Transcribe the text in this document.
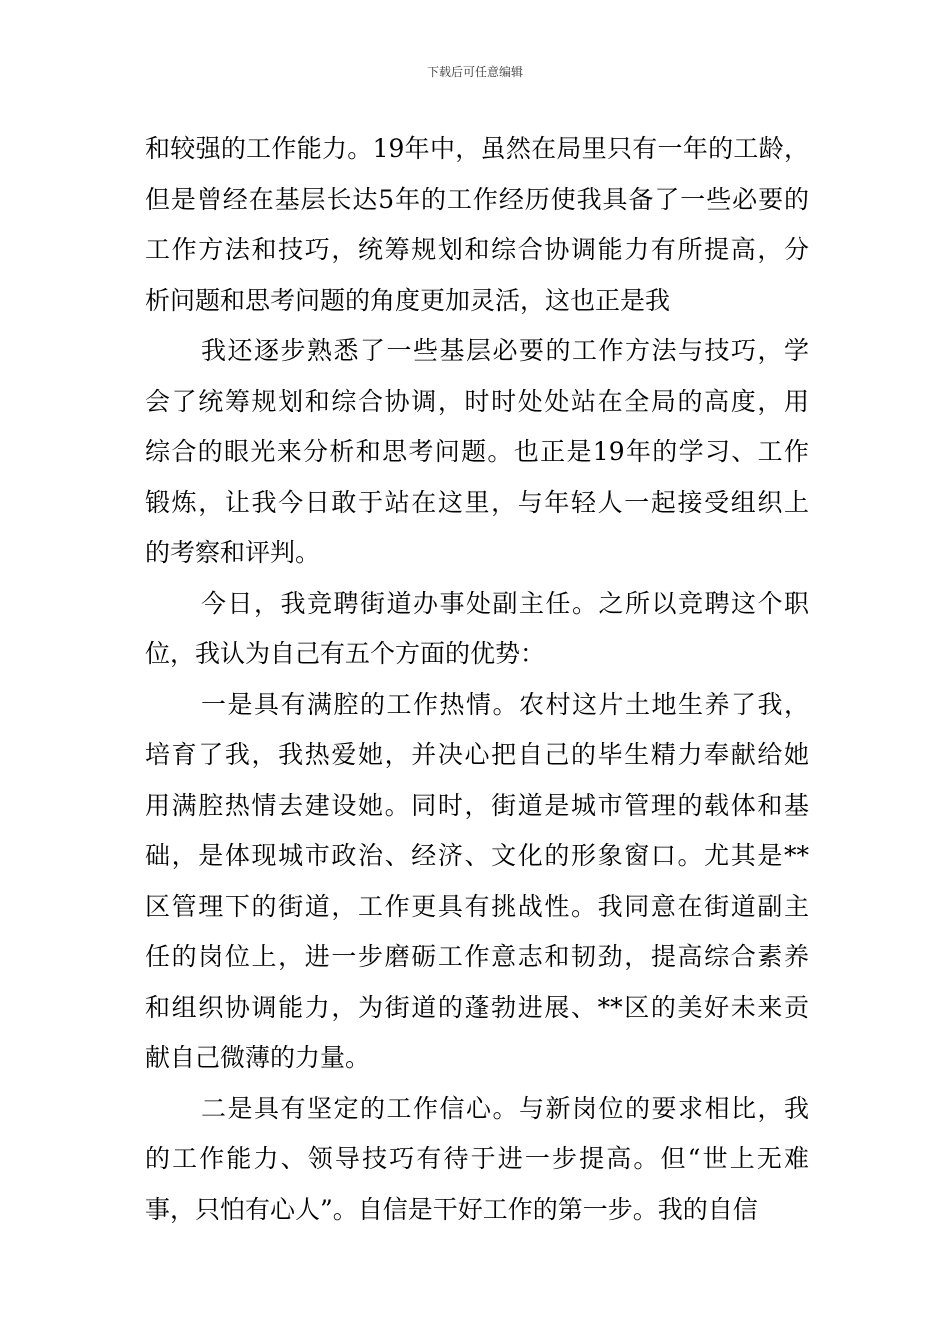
下载后可任意编辑
和较强的工作能力。19年中，虽然在局里只有一年的工龄，
但是曾经在基层长达5年的工作经历使我具备了一些必要的
工作方法和技巧，统筹规划和综合协调能力有所提高，分
析问题和思考问题的角度更加灵活，这也正是我
我还逐步熟悉了一些基层必要的工作方法与技巧，学
会了统筹规划和综合协调，时时处处站在全局的高度，用
综合的眼光来分析和思考问题。也正是19年的学习、工作
锻炼，让我今日敢于站在这里，与年轻人一起接受组织上
的考察和评判。
今日，我竞聘街道办事处副主任。之所以竞聘这个职
位，我认为自己有五个方面的优势：
一是具有满腔的工作热情。农村这片土地生养了我，
培育了我，我热爱她，并决心把自己的毕生精力奉献给她
用满腔热情去建设她。同时，街道是城市管理的载体和基
础，是体现城市政治、经济、文化的形象窗口。尤其是**
区管理下的街道，工作更具有挑战性。我同意在街道副主
任的岗位上，进一步磨砺工作意志和韧劲，提高综合素养
和组织协调能力，为街道的蓬勃进展、**区的美好未来贡
献自己微薄的力量。
二是具有坚定的工作信心。与新岗位的要求相比，我
的工作能力、领导技巧有待于进一步提高。但“世上无难
事，只怕有心人”。自信是干好工作的第一步。我的自信
